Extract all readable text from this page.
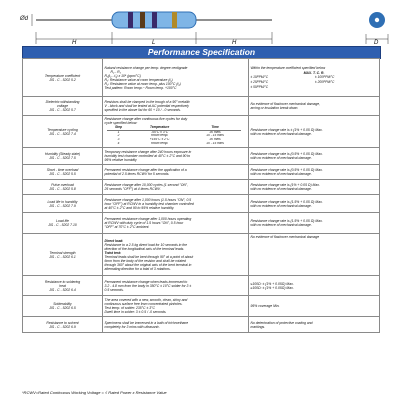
Ød
H	L	H	D
Performance Specification
Temperature coefficient
JIS - C - 5202 5.2

Natural resistance change per temp. degree centigrade
R₂ - R₁
R₁(t₂ - t₁) x 10⁶ (ppm/°C)
R₁: Resistance value at room temperature (t₁)
R₂: Resistance value at room temp. plus 100°C (t₂)
Test pattern: Room temp.~ Room temp. +100°C

Within the temperature coefficient specified below
MAX. T. C. R.
± 10PPM/°C	± 100PPM/°C
± 25PPM/°C	± 200PPM/°C
± 50PPM/°C

Dielectric withstanding
voltage
JIS - C - 5202 5.7

Resistors shall be clamped in the trough of a 90° metallic
V - block and shall be tested at AC potential respectively
specified in the above list for 60 + 10 / - 0 seconds.

No evidence of flashover mechanical damage,
arcing or insulation break down.

Temperature cycling
JIS - C - 5202 7.4

Resistance change after continuous five cycles for duty
cycle specified below:
Step	Temperature	Time
1	-55°C ± 3°C	30 mins
2	Room temp.	10 - 15 mins
3	+155°C ± 2°C	30 mins
4	Room temp.	10 - 15 mins

Resistance change rate is ± (1% + 0.05 Ω) Max.
with no evidence of mechanical damage.

Humidity (Steady state)
JIS - C - 5202 7.5

Temporary resistance change after 240 hours exposure in
humidity test chamber controlled at 40°C ± 2°C and 90 to
95% relative humidity

Resistance change rate is (0.5% + 0.05 Ω) Max.
with no evidence of mechanical damage.

Short - time overload
JIS - C - 5202 5.5

Permanent resistance change after the application of a
potential of 2.5 times RCWV for 5 seconds.

Resistance change rate is (0.5% + 0.05 Ω) Max.
with no evidence of mechanical damage.

Pulse overload
JIS - C - 5202 5.8

Resistance change after 10,000 cycles (1 second "ON",
25 seconds "OFF") at 4 times RCWV.

Resistance change rate is (1% + 0.05 Ω) Max.
with no evidence of mechanical damage.

Load life in humidity
JIS - C - 5202 7.9

Resistance change after 1,000 hours (1.5 hours "ON", 0.5
hour "OFF") at RCWV in a humidity test chamber controlled
at 40°C ± 2°C and 90 to 95% relative humidity.

Resistance change rate is (1.5% + 0.05 Ω) Max.
with no evidence of mechanical damage.

Load life
JIS - C - 5202 7.10

Permanent resistance change after 1,000 hours operating
at RCWV with duty cycle of 1.5 hours "ON", 0.5 hour
"OFF" at 70°C ± 2°C ambient.

Resistance change rate is (1.5% + 0.05 Ω) Max.
with no evidence of mechanical damage.

Terminal strength
JIS - C - 5202 6.1

Direct load:
Resistance to a 2.5 kg direct load for 10 seconds in the
direction of the longitudinal axis of the terminal leads.
Twist test:
Terminal leads shall be bent through 90° at a point of about
6mm from the body of the resistor and shall be rotated
through 360° about the original axis of the bent terminal in
alternating direction for a total of 3 rotations.

No evidence of flashover mechanical damage

Resistance to soldering
heat
JIS - C - 5202 6.4

Permanent resistance change when leads immersed to
3.2 - 4.8 mm from the body in 350°C ± 10°C solder for 3 ±
0.5 seconds.

≤100Ω: ± (1% + 0.05Ω) Max.
≥100Ω: ± (1% + 0.05Ω) Max.

Solderability
JIS - C - 5202 6.5

The area covered with a new, smooth, clean, shiny and
continuous surface free from concentrated pinholes.
Test temp. of solder: 235°C ± 3°C
Dwell time in solder: 3 ± 0.5 / -0 seconds.

95% coverage Min.

Resistance to solvent
JIS - C - 5202 6.9

Specimens shall be immersed in a bath of trichroethane
completely for 3 mins with ultrasonic.

No deterioration of protective coating and
markings.
*RCWV=Rated Continuous Working Voltage = √ Rated Power x Resistance Value
